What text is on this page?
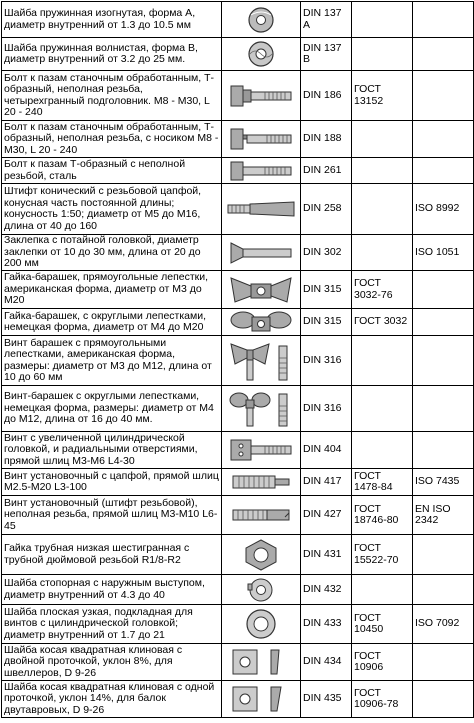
Шайба пружинная изогнутая, форма А, диаметр внутренний от 1.3 до 10.5 мм		DIN 137 A		
Шайба пружинная волнистая, форма В, диаметр внутренний от 3.2 до 25 мм.		DIN 137 B		
Болт к пазам станочным обработанным, Т-образный, неполная резьба, четырехгранный подголовник. М8 - М30, L 20 - 240		DIN 186	ГОСТ 13152	
Болт к пазам станочным обработанным, Т-образный, неполная резьба, с носиком М8 - М30, L 20 - 240		DIN 188		
Болт к пазам Т-образный с неполной резьбой, сталь		DIN 261		
Штифт конический с резьбовой цапфой, конусная часть постоянной длины; конусность 1:50; диаметр от М5 до М16, длина от 40 до 160		DIN 258		ISO 8992
Заклепка с потайной головкой, диаметр заклепки от 10 до 30 мм, длина от 20 до 200 мм		DIN 302		ISO 1051
Гайка-барашек, прямоугольные лепестки, американская форма, диаметр от М3 до М20		DIN 315	ГОСТ 3032-76	
Гайка-барашек, с округлыми лепестками, немецкая форма, диаметр от М4 до М20		DIN 315	ГОСТ 3032	
Винт барашек с прямоугольными лепестками, американская форма, размеры: диаметр от М3 до М12, длина от 10 до 60 мм		DIN 316		
Винт-барашек с округлыми лепестками, немецкая форма, размеры: диаметр от М4 до М12, длина от 16 до 40 мм.		DIN 316		
Винт с увеличенной цилиндрической головкой, и радиальными отверстиями, прямой шлиц М3-М6 L4-30		DIN 404		
Винт установочный с цапфой, прямой шлиц М2.5-М20 L3-100		DIN 417	ГОСТ 1478-84	ISO 7435
Винт установочный (штифт резьбовой), неполная резьба, прямой шлиц М3-М10 L6-45		DIN 427	ГОСТ 18746-80	EN ISO 2342
Гайка трубная низкая шестигранная с трубной дюймовой резьбой R1/8-R2		DIN 431	ГОСТ 15522-70	
Шайба стопорная с наружным выступом, диаметр внутренний от 4.3 до 40		DIN 432		
Шайба плоская узкая, подкладная для винтов с цилиндрической головкой; диаметр внутренний от 1.7 до 21		DIN 433	ГОСТ 10450	ISO 7092
Шайба косая квадратная клиновая с двойной проточкой, уклон 8%, для швеллеров, D 9-26		DIN 434	ГОСТ 10906	
Шайба косая квадратная клиновая с одной проточкой, уклон 14%, для балок двутавровых, D 9-26		DIN 435	ГОСТ 10906-78	
